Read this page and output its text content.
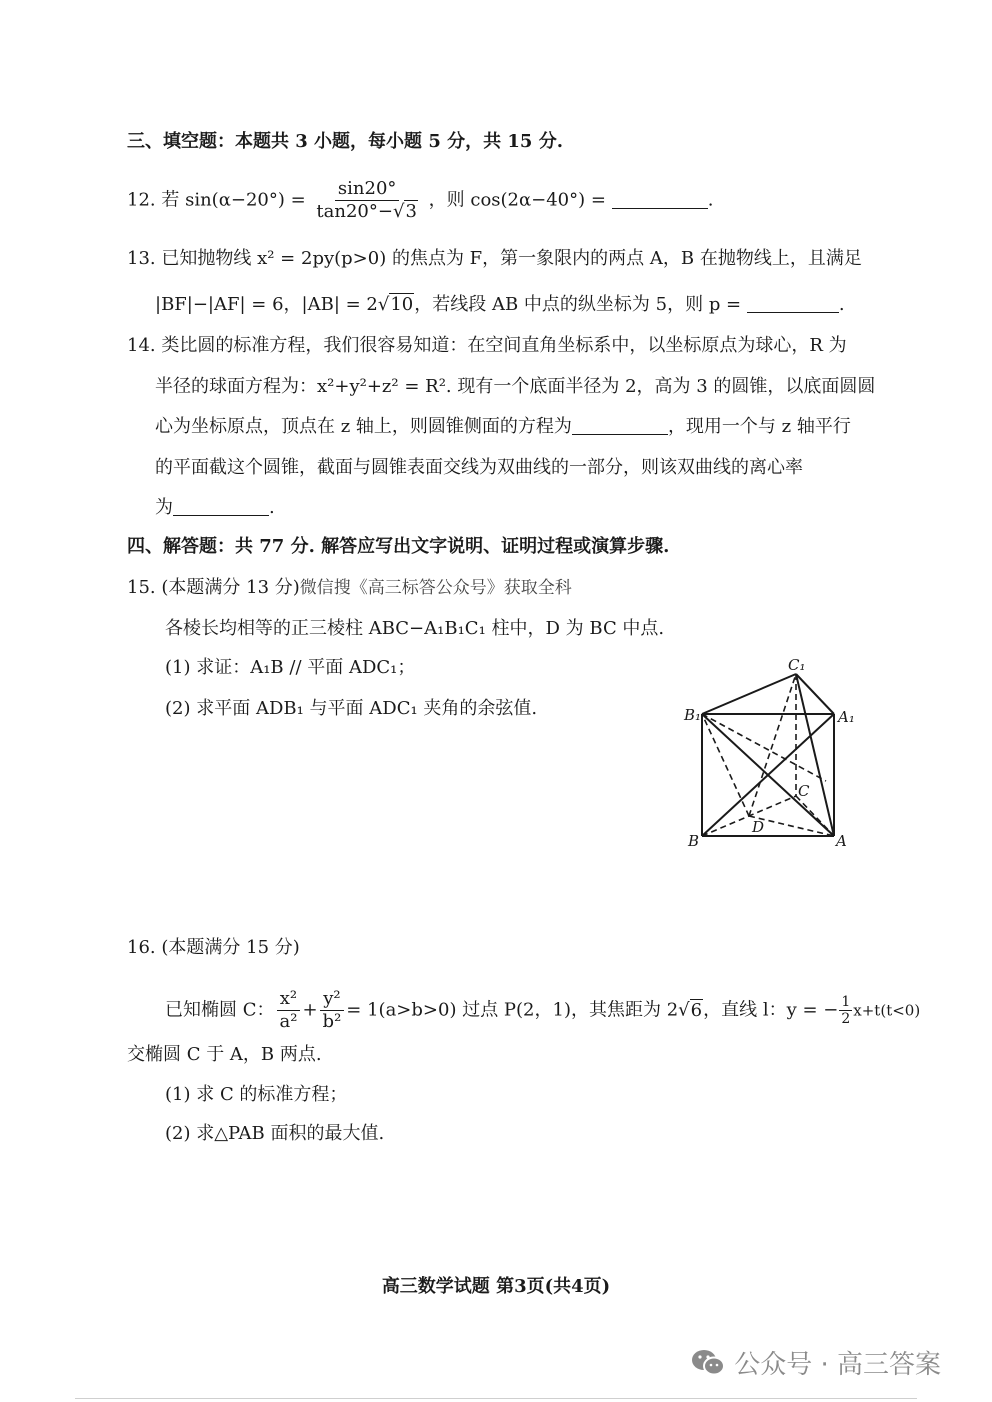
三、填空题：本题共 3 小题，每小题 5 分，共 15 分.
12. 若 $\sin(\alpha-20^\circ) = \frac{\sin 20^\circ}{\tan 20^\circ-√3}$ ，则 cos(2α−40°) =	.
13. 已知抛物线 x² = 2py(p>0) 的焦点为 F，第一象限内的两点 A，B 在抛物线上，且满足
|BF|−|AF| = 6，|AB| = 2√10，若线段 AB 中点的纵坐标为 5，则 p =	.
14. 类比圆的标准方程，我们很容易知道：在空间直角坐标系中，以坐标原点为球心，R 为
半径的球面方程为：x²+y²+z² = R². 现有一个底面半径为 2，高为 3 的圆锥，以底面圆圆
心为坐标原点，顶点在 z 轴上，则圆锥侧面的方程为	，现用一个与 z 轴平行
的平面截这个圆锥，截面与圆锥表面交线为双曲线的一部分，则该双曲线的离心率
为	.
四、解答题：共 77 分. 解答应写出文字说明、证明过程或演算步骤.
15. (本题满分 13 分)微信搜《高三标答公众号》获取全科
各棱长均相等的正三棱柱 ABC−A₁B₁C₁ 柱中，D 为 BC 中点.
(1) 求证：A₁B // 平面 ADC₁；
(2) 求平面 ADB₁ 与平面 ADC₁ 夹角的余弦值.
C₁
B₁	A₁
C
D
B	A
16. (本题满分 15 分)
已知椭圆 C： $\frac{\text{x²}}{\text{a²}} + \frac{\text{y²}}{\text{b²}} = 1(a>b>0)$ 过点 P(2，1)，其焦距为 2√6，直线 l：y = − $\frac{1}{2} x+t(t<0)$
交椭圆 C 于 A，B 两点.
(1) 求 C 的标准方程；
(2) 求△PAB 面积的最大值.
高三数学试题 第3页(共4页)
公众号 · 高三答案
